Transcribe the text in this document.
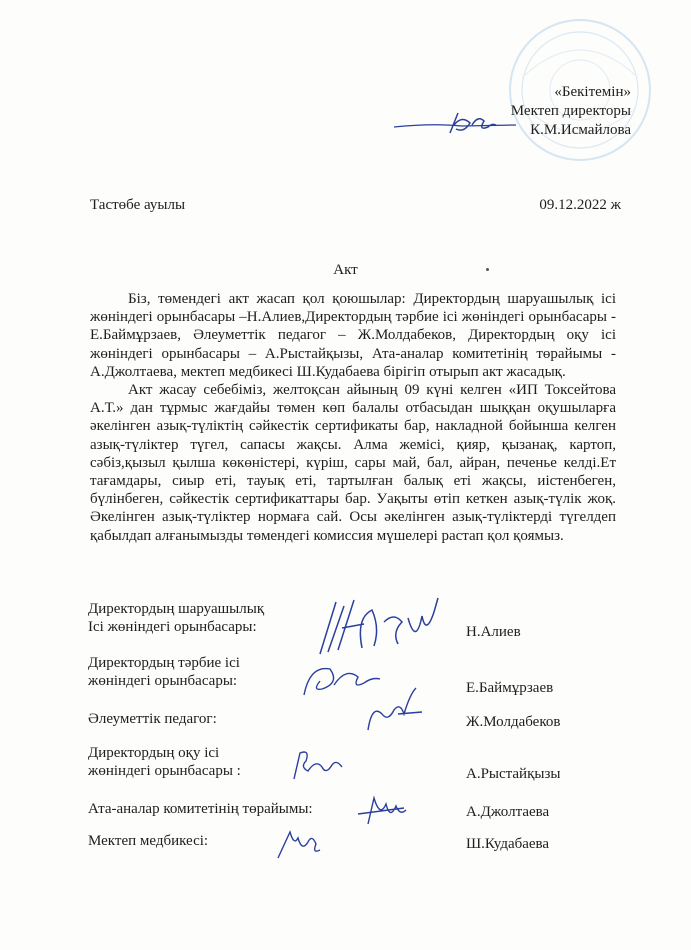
«Бекітемін»
Мектеп директоры
К.М.Исмайлова
Тастөбе ауылы	09.12.2022 ж
Акт

Біз, төмендегі акт жасап қол қоюшылар: Директордың шаруашылық ісі жөніндегі орынбасары –Н.Алиев,Директордың тәрбие ісі жөніндегі орынбасары - Е.Баймұрзаев, Әлеуметтік педагог – Ж.Молдабеков, Директордың оқу ісі жөніндегі орынбасары – А.Рыстайқызы, Ата-аналар комитетінің төрайымы - А.Джолтаева, мектеп медбикесі Ш.Кудабаева бірігіп отырып акт жасадық.

Акт жасау себебіміз, желтоқсан айының 09 күні келген «ИП Токсейтова А.Т.» дан тұрмыс жағдайы төмен көп балалы отбасыдан шыққан оқушыларға әкелінген азық-түліктің сәйкестік сертификаты бар, накладной бойынша келген азық-түліктер түгел, сапасы жақсы. Алма жемісі, қияр, қызанақ, картоп, сәбіз,қызыл қылша көкөністері, күріш, сары май, бал, айран, печенье келді.Ет тағамдары, сиыр еті, тауық еті, тартылған балық еті жақсы, иістенбеген, бүлінбеген, сәйкестік сертификаттары бар. Уақыты өтіп кеткен азық-түлік жоқ. Әкелінген азық-түліктер нормаға сай. Осы әкелінген азық-түліктерді түгелдеп қабылдап алғанымызды төмендегі комиссия мүшелері растап қол қоямыз.

Директордың шаруашылық
Ісі жөніндегі орынбасары:	Н.Алиев
Директордың тәрбие ісі
жөніндегі орынбасары:	Е.Баймұрзаев
Әлеуметтік педагог:	Ж.Молдабеков
Директордың оқу ісі
жөніндегі орынбасары :	А.Рыстайқызы
Ата-аналар комитетінің төрайымы:	А.Джолтаева
Мектеп медбикесі:	Ш.Кудабаева
